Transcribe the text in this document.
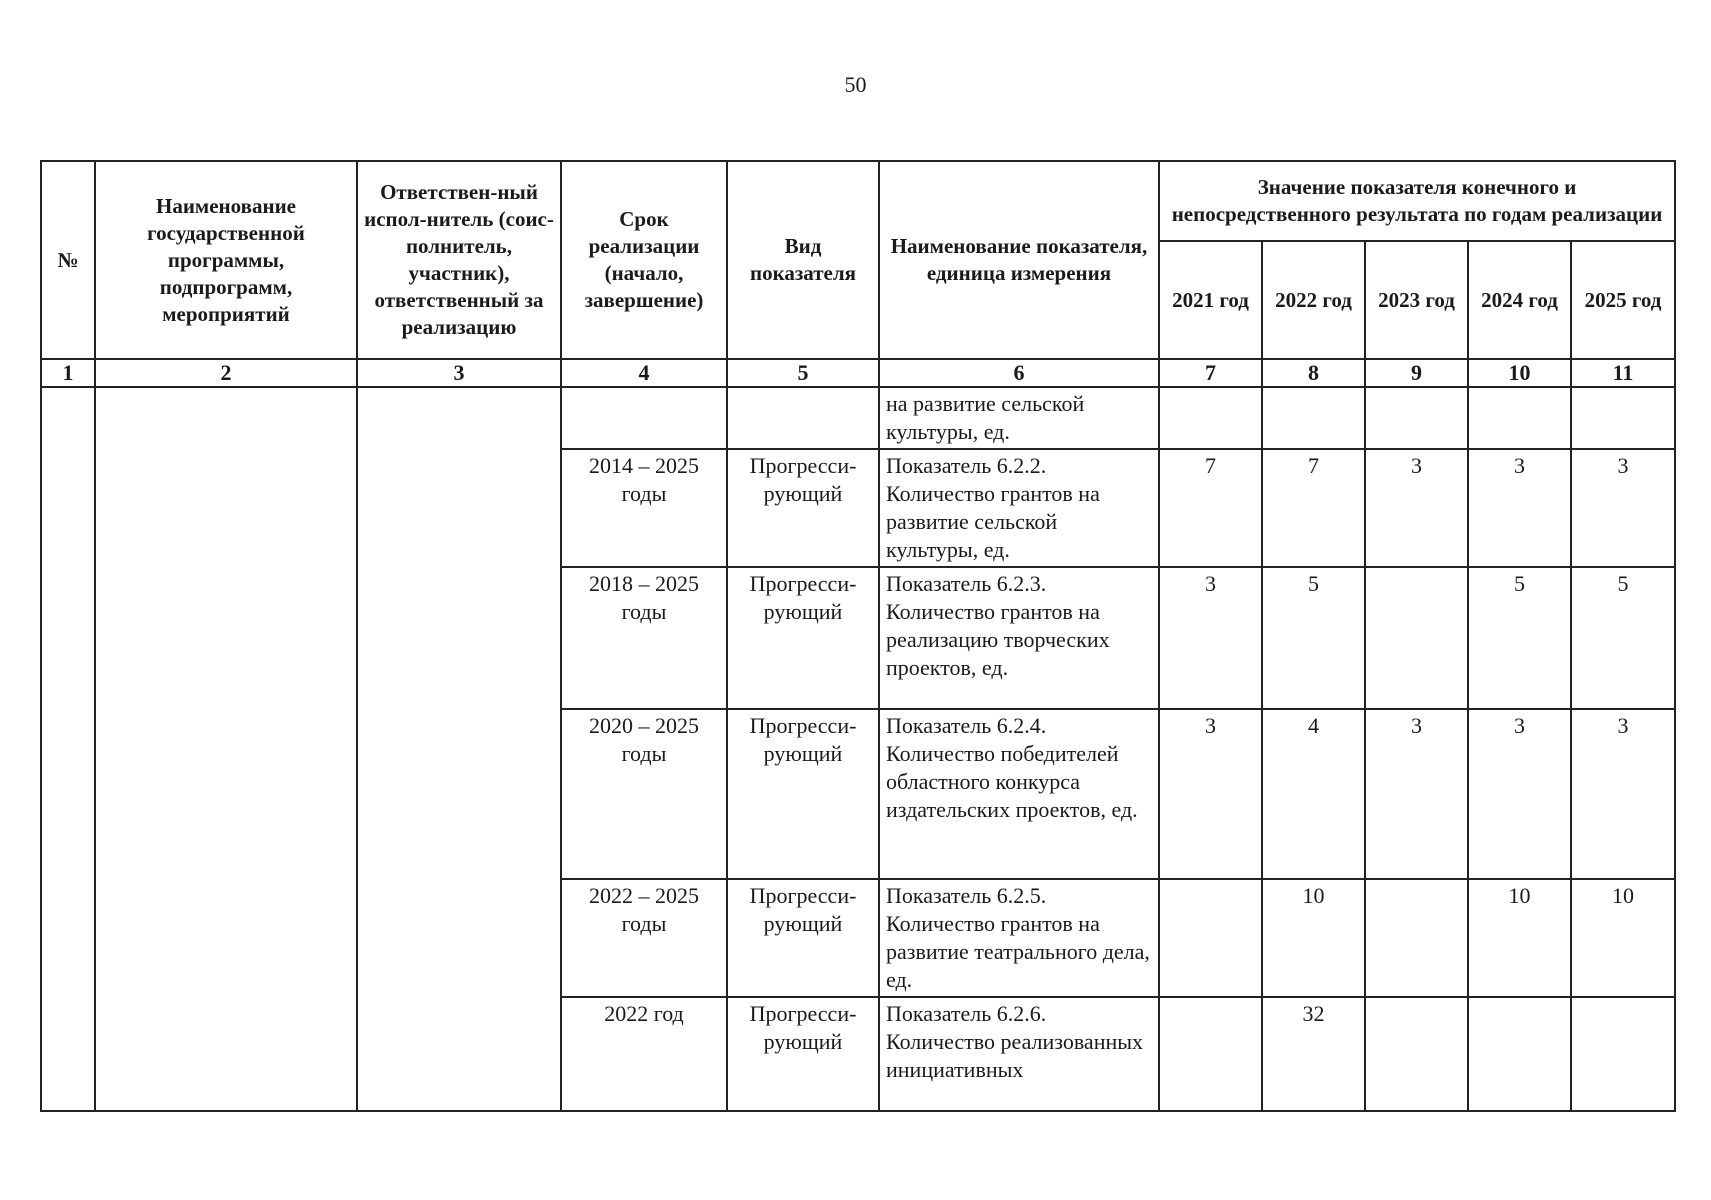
50
№	Наименование государственной программы, подпрограмм, мероприятий	Ответствен-ный испол-нитель (соис-полнитель, участник), ответственный за реализацию	Срок реализации (начало, завершение)	Вид показателя	Наименование показателя, единица измерения	Значение показателя конечного и непосредственного результата по годам реализации				
						2021 год	2022 год	2023 год	2024 год	2025 год
1	2	3	4	5	6	7	8	9	10	11
					на развитие сельской культуры, ед.					
			2014 – 2025 годы	Прогресси-рующий	Показатель 6.2.2. Количество грантов на развитие сельской культуры, ед.	7	7	3	3	3
			2018 – 2025 годы	Прогресси-рующий	Показатель 6.2.3. Количество грантов на реализацию творческих проектов, ед.	3	5		5	5
			2020 – 2025 годы	Прогресси-рующий	Показатель 6.2.4. Количество победителей областного конкурса издательских проектов, ед.	3	4	3	3	3
			2022 – 2025 годы	Прогресси-рующий	Показатель 6.2.5. Количество грантов на развитие театрального дела, ед.		10		10	10
			2022 год	Прогресси-рующий	Показатель 6.2.6. Количество реализованных инициативных		32			
